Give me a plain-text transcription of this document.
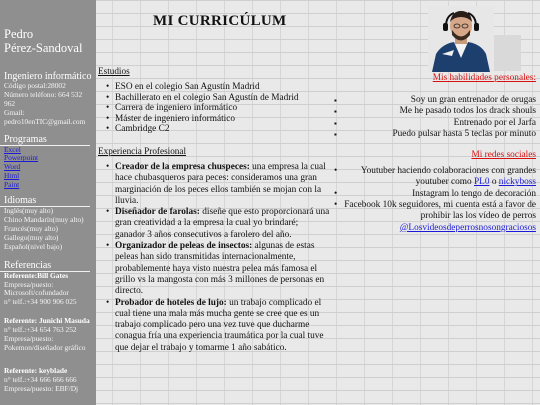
Pedro
Pérez-Sandoval
Ingeniero informático
Código postal:28002
Número teléfono: 664 532
962
Gmail:
pedro10enTIC@gmail.com
Programas
Excel
Powerpoint
Word
Html
Paint
Idiomas
Inglés(muy alto)
Chino Mandarín(muy alto)
Francés(muy alto)
Gallego(muy alto)
Español(nivel bajo)
Referencias
Referente:Bill Gates
Empresa/puesto:
Microsoft/cofundador
n° telf.:+34 900 906 025
Referente: Junichi Masuda
n° telf.:+34 654 763 252
Empresa/puesto:
Pokemon/diseñador gráfico
Referente: keyblade
n° telf.:+34 666 666 666
Empresa/puesto: EBF/Dj
MI CURRICÚLUM
Estudios
• ESO en el colegio San Agustín Madrid
• Bachillerato en el colegio San Agustín de Madrid
• Carrera de ingeniero informático
• Máster de ingeniero informático
• Cambridge C2
Experiencia Profesional
• Creador de la empresa chuspeces: una empresa la cual hace chubasqueros para peces: consideramos una gran marginación de los peces ellos también se mojan con la lluvia.
• Diseñador de farolas: diseñe que esto proporcionará una gran creatividad a la empresa la cual yo brindaré; ganador 3 años consecutivos a farolero del año.
• Organizador de peleas de insectos: algunas de estas peleas han sido transmitidas internacionalmente, probablemente haya visto nuestra pelea más famosa el grillo vs la mangosta con más 3 millones de personas en directo.
• Probador de hoteles de lujo: un trabajo complicado el cual tiene una mala más mucha gente se cree que es un trabajo complicado pero una vez tuve que ducharme conagua fría una experiencia traumática por la cual tuve que dejar el trabajo y tomarme 1 año sabático.
Mis habilidades personales:
▪ Soy un gran entrenador de orugas
▪ Me he pasado todos los drack shouls
▪ Entrenado por el Jarfa
▪ Puedo pulsar hasta 5 teclas por minuto
Mi redes sociales
• Youtuber haciendo colaboraciones con grandes youtuber como PL0 o nickyboss
• Instagram lo tengo de decoración
• Facebook 10k seguidores, mi cuenta está a favor de prohibir las los vídeo de perros @Losvideosdeperrosnosongraciosos
